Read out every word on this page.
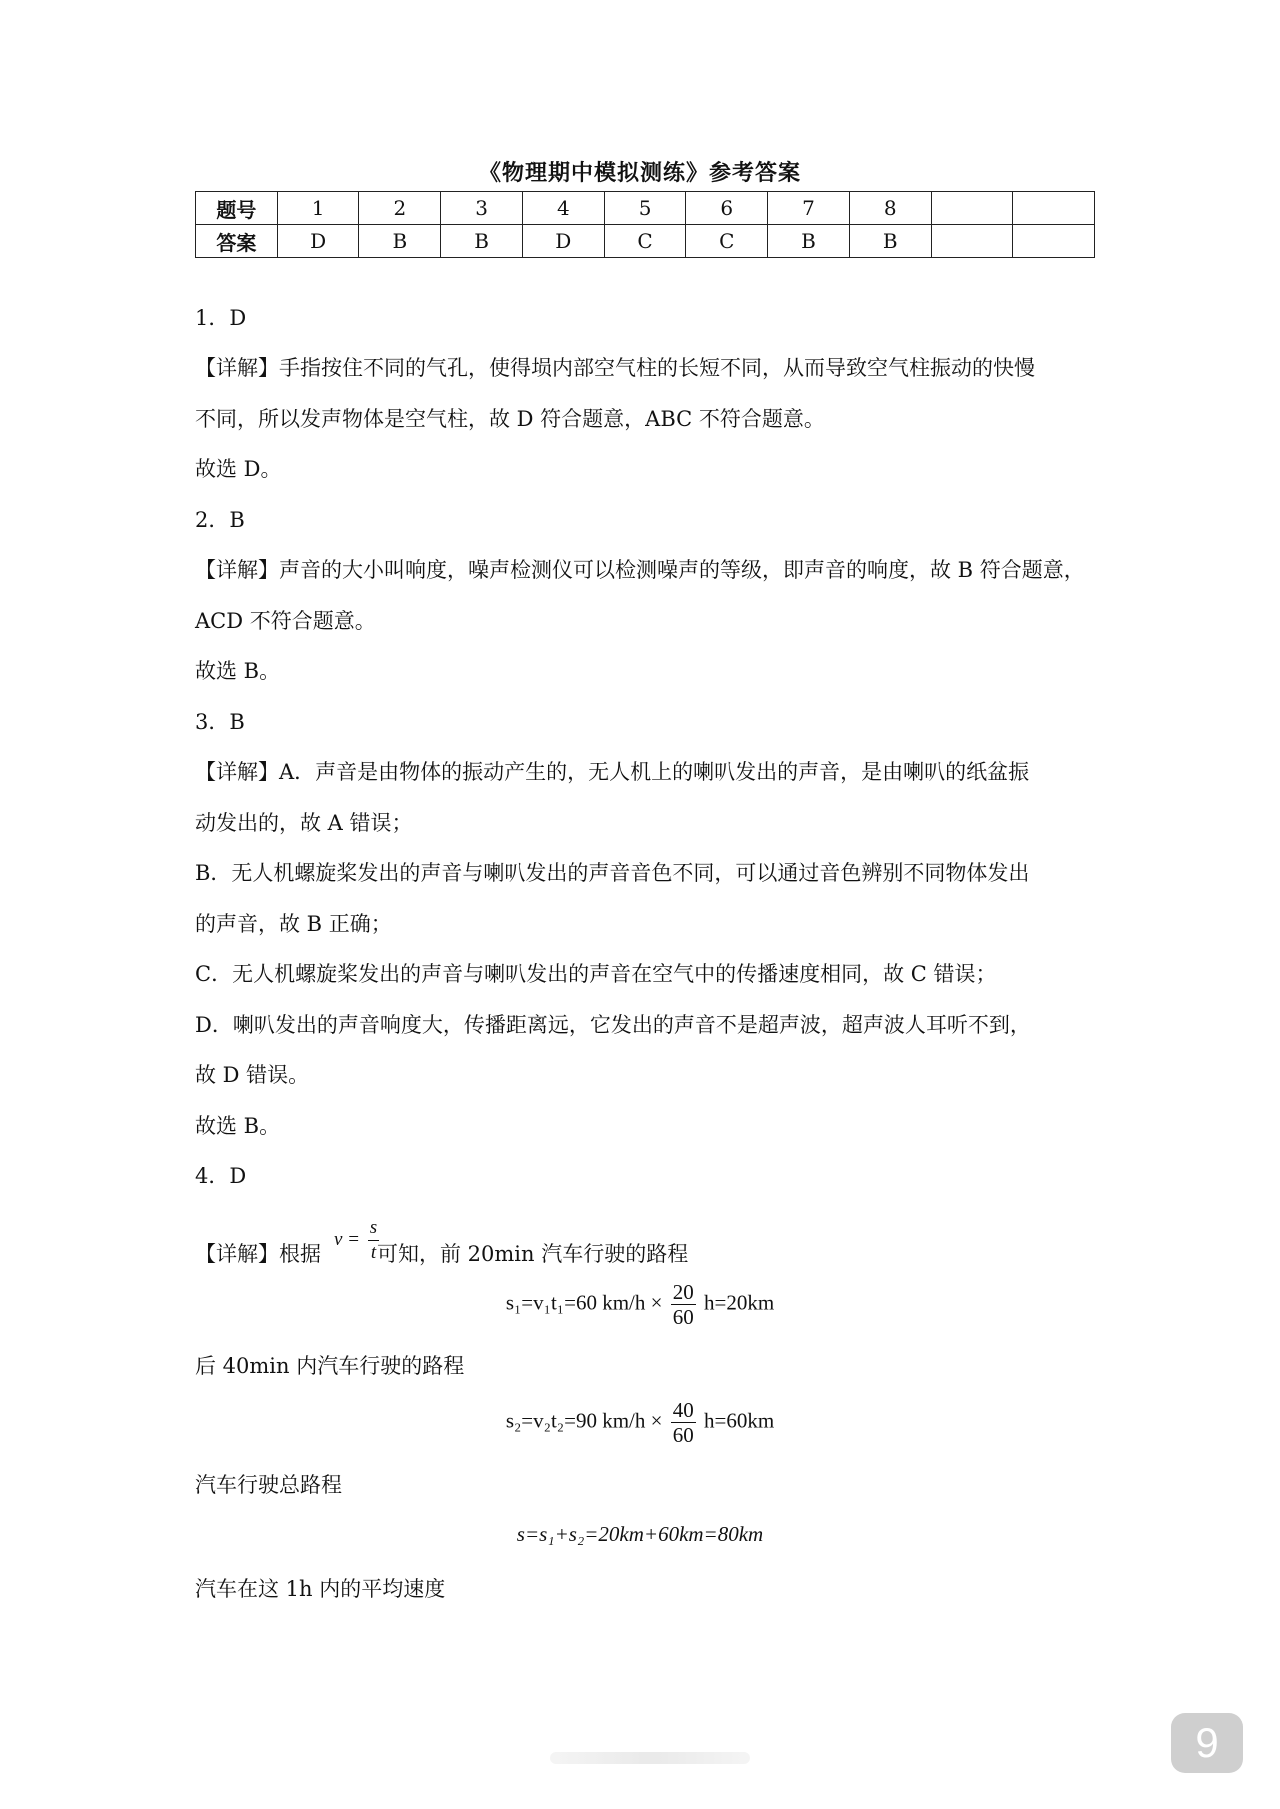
《物理期中模拟测练》参考答案
题号	1	2	3	4	5	6	7	8		
答案	D	B	B	D	C	C	B	B		
1．D
【详解】手指按住不同的气孔，使得埙内部空气柱的长短不同，从而导致空气柱振动的快慢
不同，所以发声物体是空气柱，故 D 符合题意，ABC 不符合题意。
故选 D。
2．B
【详解】声音的大小叫响度，噪声检测仪可以检测噪声的等级，即声音的响度，故 B 符合题意，
ACD 不符合题意。
故选 B。
3．B
【详解】A．声音是由物体的振动产生的，无人机上的喇叭发出的声音，是由喇叭的纸盆振
动发出的，故 A 错误；
B．无人机螺旋桨发出的声音与喇叭发出的声音音色不同，可以通过音色辨别不同物体发出
的声音，故 B 正确；
C．无人机螺旋桨发出的声音与喇叭发出的声音在空气中的传播速度相同，故 C 错误；
D．喇叭发出的声音响度大，传播距离远，它发出的声音不是超声波，超声波人耳听不到，
故 D 错误。
故选 B。
4．D
【详解】根据	可知，前 20min 汽车行驶的路程
$v = \frac{s}{t}$
s₁=v₁t₁=60 $km/h \times \frac{20}{60} h=20km$
后 40min 内汽车行驶的路程
s₂=v₂t₂=90 $km/h \times \frac{40}{60} h=60km$
汽车行驶总路程
s=s₁+s₂=20km+60km=80km
汽车在这 1h 内的平均速度
9
